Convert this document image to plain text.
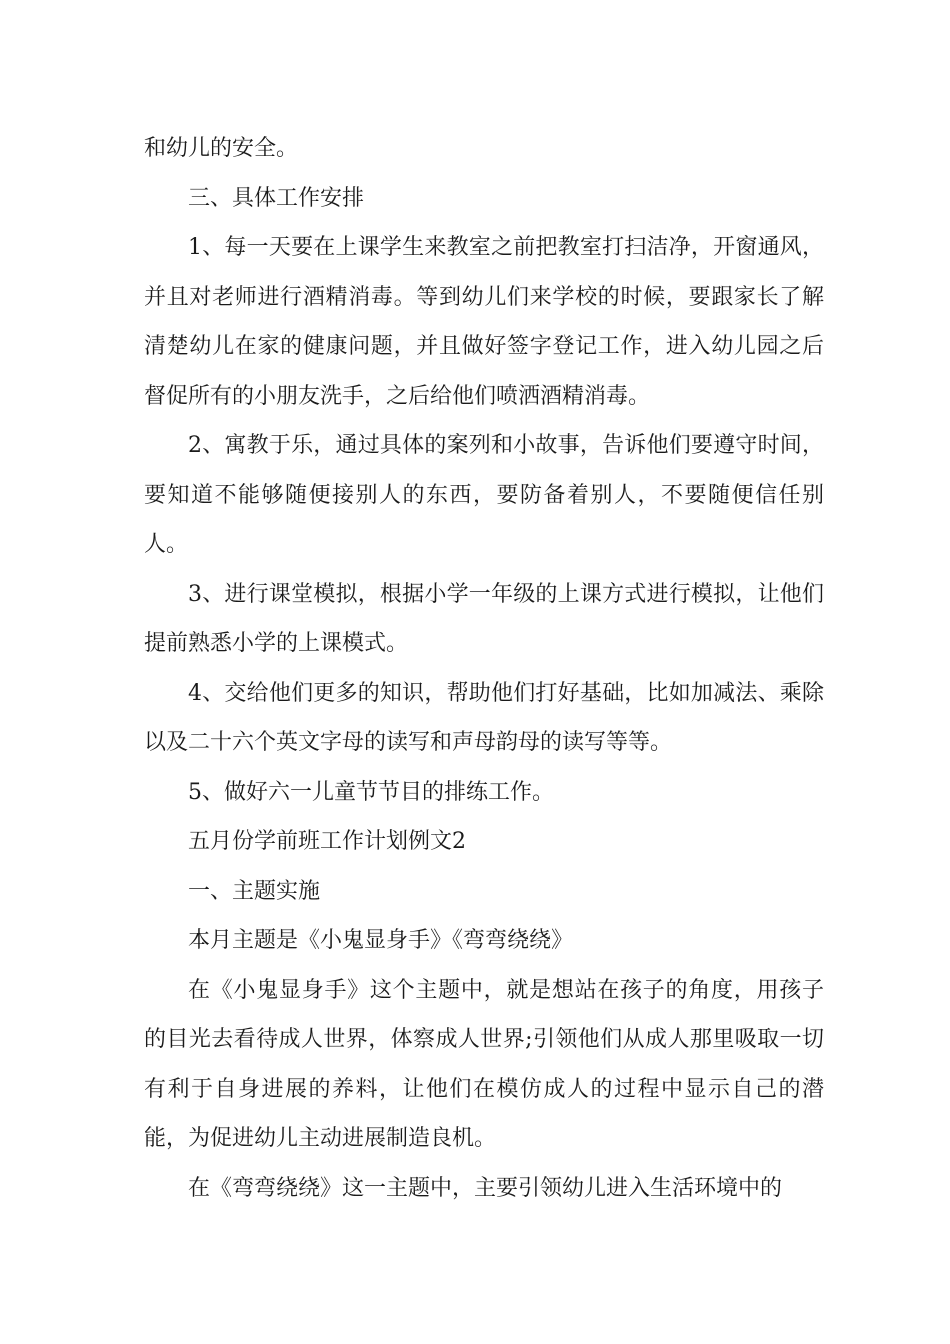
和幼儿的安全。

三、具体工作安排

1、每一天要在上课学生来教室之前把教室打扫洁净，开窗通风，并且对老师进行酒精消毒。等到幼儿们来学校的时候，要跟家长了解清楚幼儿在家的健康问题，并且做好签字登记工作，进入幼儿园之后督促所有的小朋友洗手，之后给他们喷洒酒精消毒。

2、寓教于乐，通过具体的案列和小故事，告诉他们要遵守时间，要知道不能够随便接别人的东西，要防备着别人，不要随便信任别人。

3、进行课堂模拟，根据小学一年级的上课方式进行模拟，让他们提前熟悉小学的上课模式。

4、交给他们更多的知识，帮助他们打好基础，比如加减法、乘除以及二十六个英文字母的读写和声母韵母的读写等等。

5、做好六一儿童节节目的排练工作。

五月份学前班工作计划例文2

一、主题实施

本月主题是《小鬼显身手》《弯弯绕绕》

在《小鬼显身手》这个主题中，就是想站在孩子的角度，用孩子的目光去看待成人世界，体察成人世界;引领他们从成人那里吸取一切有利于自身进展的养料，让他们在模仿成人的过程中显示自己的潜能，为促进幼儿主动进展制造良机。

在《弯弯绕绕》这一主题中，主要引领幼儿进入生活环境中的
